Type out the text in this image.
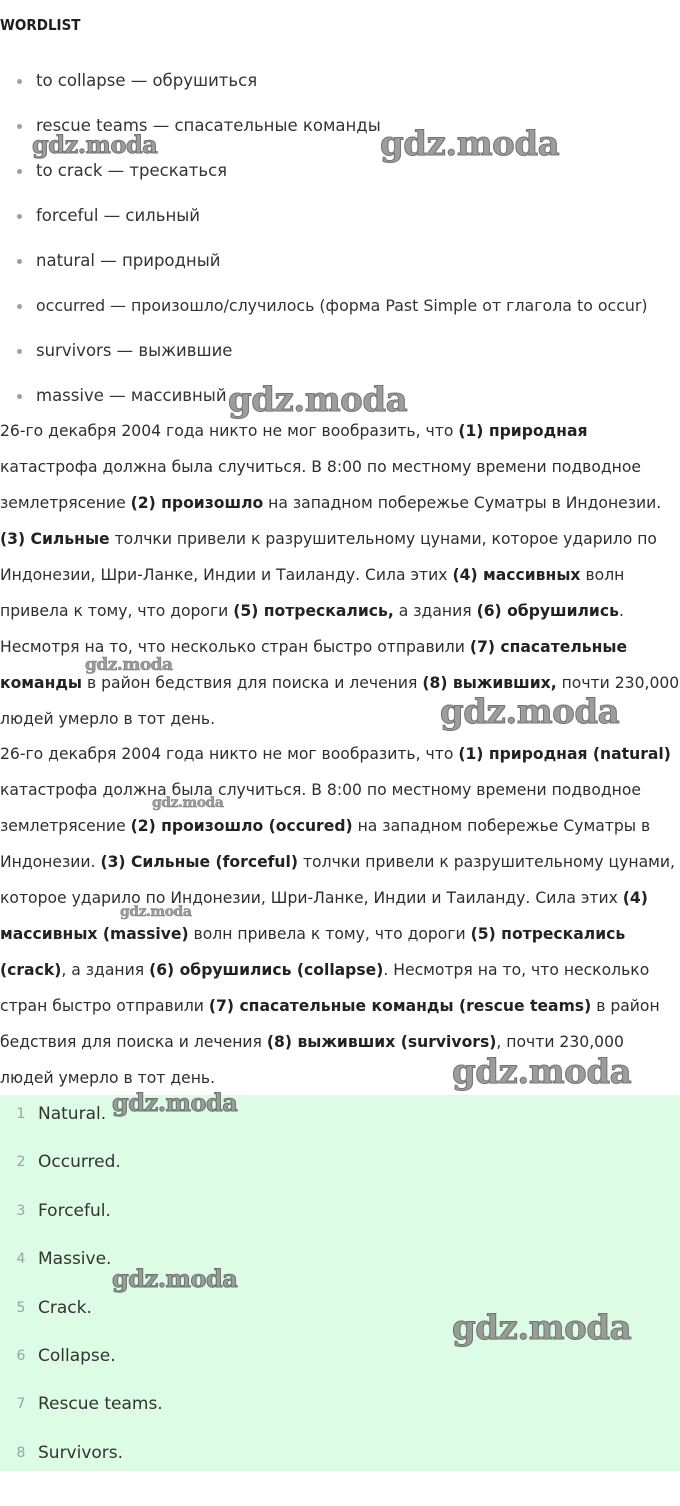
WORDLIST
to collapse — обрушиться
rescue teams — спасательные команды
to crack — трескаться
forceful — сильный
natural — природный
occurred — произошло/случилось (форма Past Simple от глагола to occur)
survivors — выжившие
massive — массивный

26-го декабря 2004 года никто не мог вообразить, что (1) природная катастрофа должна была случиться. В 8:00 по местному времени подводное землетрясение (2) произошло на западном побережье Суматры в Индонезии. (3) Сильные толчки привели к разрушительному цунами, которое ударило по Индонезии, Шри-Ланке, Индии и Таиланду. Сила этих (4) массивных волн привела к тому, что дороги (5) потрескались, а здания (6) обрушились. Несмотря на то, что несколько стран быстро отправили (7) спасательные команды в район бедствия для поиска и лечения (8) выживших, почти 230,000 людей умерло в тот день.

26-го декабря 2004 года никто не мог вообразить, что (1) природная (natural) катастрофа должна была случиться. В 8:00 по местному времени подводное землетрясение (2) произошло (occured) на западном побережье Суматры в Индонезии. (3) Сильные (forceful) толчки привели к разрушительному цунами, которое ударило по Индонезии, Шри-Ланке, Индии и Таиланду. Сила этих (4) массивных (massive) волн привела к тому, что дороги (5) потрескались (crack), а здания (6) обрушились (collapse). Несмотря на то, что несколько стран быстро отправили (7) спасательные команды (rescue teams) в район бедствия для поиска и лечения (8) выживших (survivors), почти 230,000 людей умерло в тот день.

1 Natural.
2 Occurred.
3 Forceful.
4 Massive.
5 Crack.
6 Collapse.
7 Rescue teams.
8 Survivors.
gdz.moda	gdz.moda
gdz.moda
gdz.moda
gdz.moda
gdz.moda
gdz.moda
gdz.moda
gdz.moda
gdz.moda
gdz.moda
